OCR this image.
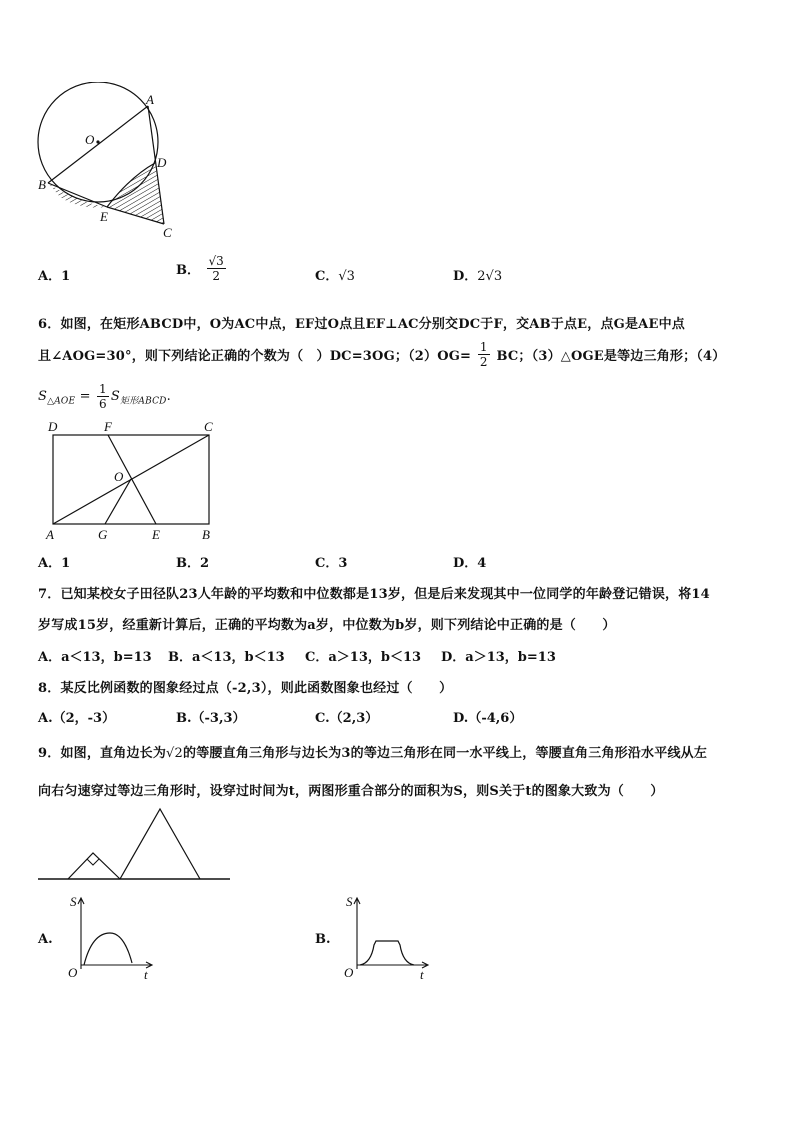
O
A
B
D
E
C
A．1	B． $\frac{√3}{2}$	C．√3	D．2√3
6．如图，在矩形ABCD中，O为AC中点，EF过O点且EF⊥AC分别交DC于F，交AB于点E，点G是AE中点
且∠AOG=30°，则下列结论正确的个数为（　）DC=3OG；$(2)OG= \frac{1}{2}$ BC；（3）△OGE是等边三角形；（4）
$S_{\triangle AOE} = \frac{1}{6} S_{矩形ABCD}$.
D	F	C
O
A	G	E	B
A．1	B．2	C．3	D．4
7．已知某校女子田径队23人年龄的平均数和中位数都是13岁，但是后来发现其中一位同学的年龄登记错误，将14
岁写成15岁，经重新计算后，正确的平均数为a岁，中位数为b岁，则下列结论中正确的是（　　）
A．a＜13，b=13 B．a＜13，b＜13 C．a＞13，b＜13 D．a＞13，b=13
8．某反比例函数的图象经过点（-2,3），则此函数图象也经过（　　）
A.（2，-3）	B.（-3,3）	C.（2,3）	D.（-4,6）
9．如图，直角边长为√2的等腰直角三角形与边长为3的等边三角形在同一水平线上，等腰直角三角形沿水平线从左
向右匀速穿过等边三角形时，设穿过时间为t，两图形重合部分的面积为S，则S关于t的图象大致为（　　）
A.
S
O	t
B.
S
O	t
